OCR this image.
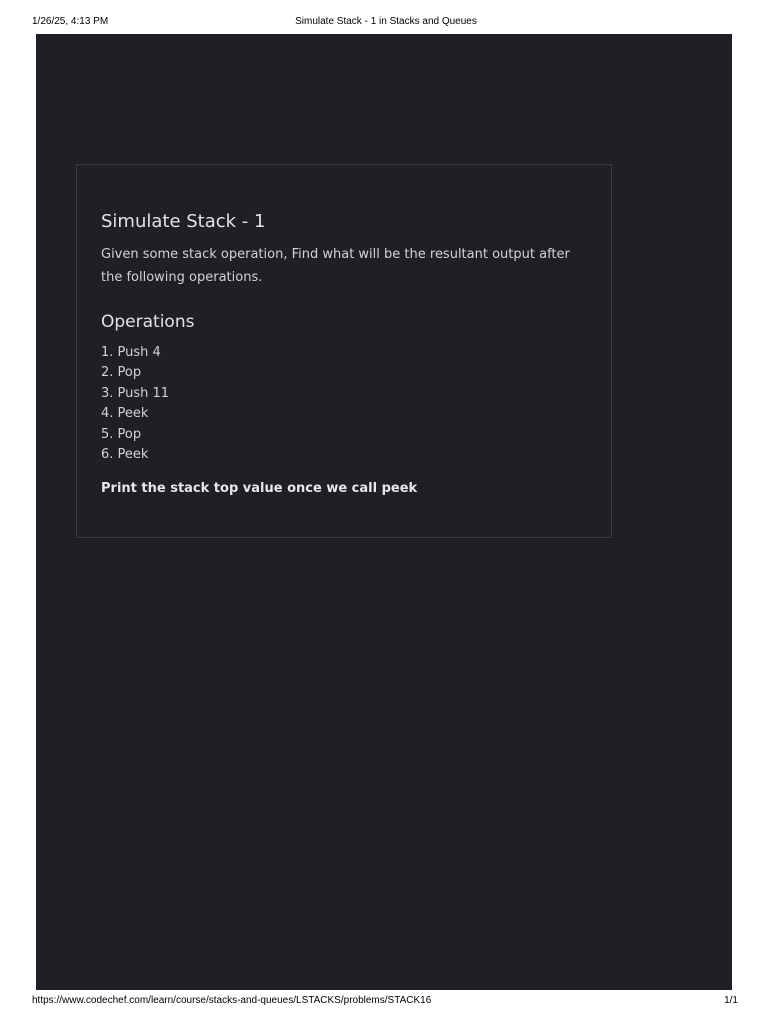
1/26/25, 4:13 PM	Simulate Stack - 1 in Stacks and Queues
Simulate Stack - 1

Given some stack operation, Find what will be the resultant output after the following operations.

Operations
1. Push 4
2. Pop
3. Push 11
4. Peek
5. Pop
6. Peek

Print the stack top value once we call peek

https://www.codechef.com/learn/course/stacks-and-queues/LSTACKS/problems/STACK16	1/1
